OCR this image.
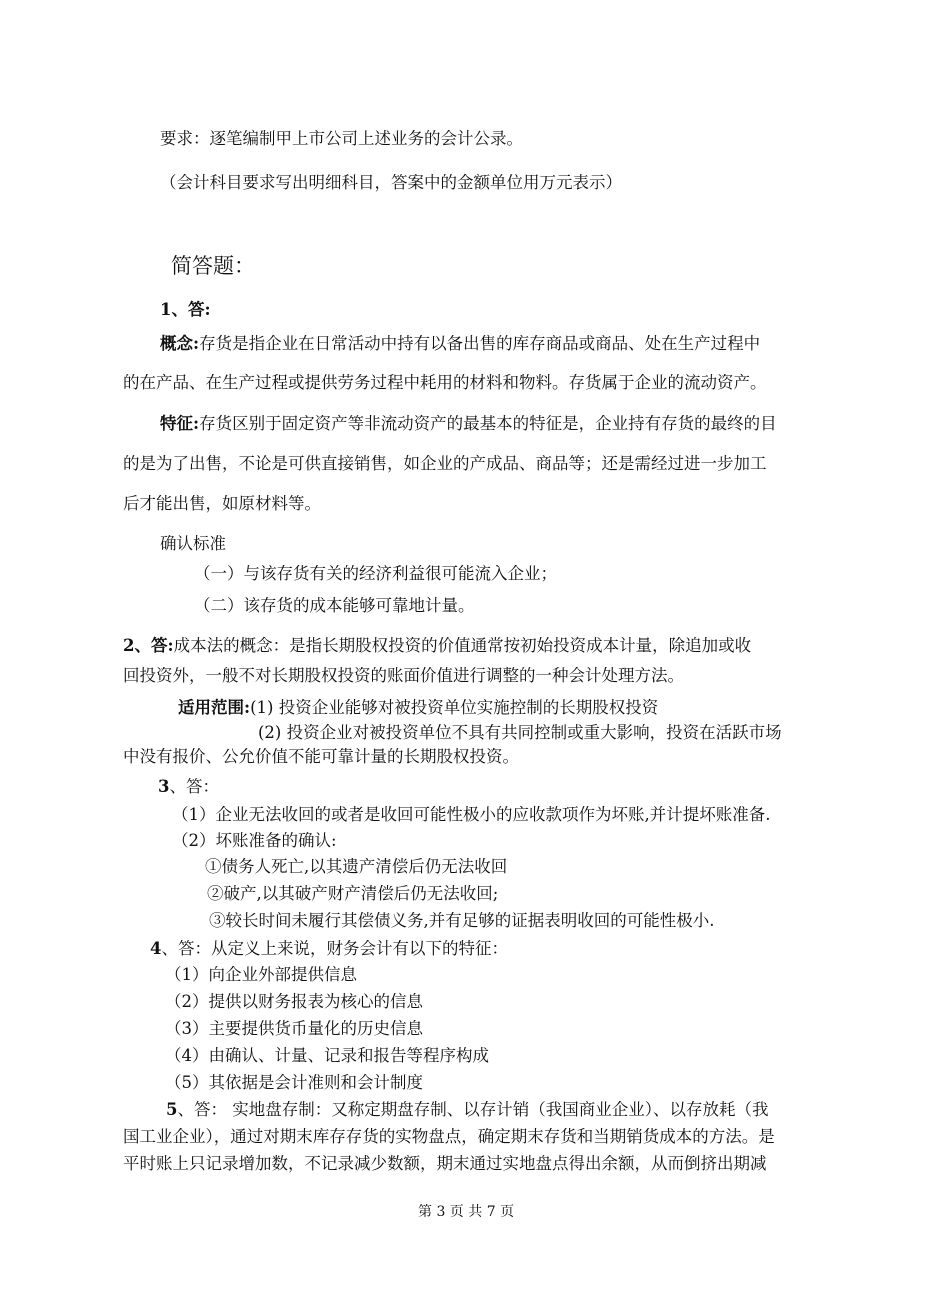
要求：逐笔编制甲上市公司上述业务的会计公录。
（会计科目要求写出明细科目，答案中的金额单位用万元表示）
简答题：
1、答:
概念:存货是指企业在日常活动中持有以备出售的库存商品或商品、处在生产过程中
的在产品、在生产过程或提供劳务过程中耗用的材料和物料。存货属于企业的流动资产。
特征:存货区别于固定资产等非流动资产的最基本的特征是，企业持有存货的最终的目
的是为了出售，不论是可供直接销售，如企业的产成品、商品等；还是需经过进一步加工
后才能出售，如原材料等。
确认标准
（一）与该存货有关的经济利益很可能流入企业；
（二）该存货的成本能够可靠地计量。
2、答:成本法的概念：是指长期股权投资的价值通常按初始投资成本计量，除追加或收
回投资外，一般不对长期股权投资的账面价值进行调整的一种会计处理方法。
适用范围:(1) 投资企业能够对被投资单位实施控制的长期股权投资
(2) 投资企业对被投资单位不具有共同控制或重大影响，投资在活跃市场
中没有报价、公允价值不能可靠计量的长期股权投资。
3、答：
（1）企业无法收回的或者是收回可能性极小的应收款项作为坏账,并计提坏账准备.
（2）坏账准备的确认:
①债务人死亡,以其遗产清偿后仍无法收回
②破产,以其破产财产清偿后仍无法收回;
③较长时间未履行其偿债义务,并有足够的证据表明收回的可能性极小.
4、答：从定义上来说，财务会计有以下的特征：
（1）向企业外部提供信息
（2）提供以财务报表为核心的信息
（3）主要提供货币量化的历史信息
（4）由确认、计量、记录和报告等程序构成
（5）其依据是会计准则和会计制度
5、答： 实地盘存制：又称定期盘存制、以存计销（我国商业企业）、以存放耗（我
国工业企业），通过对期末库存存货的实物盘点，确定期末存货和当期销货成本的方法。是
平时账上只记录增加数，不记录减少数额，期末通过实地盘点得出余额，从而倒挤出期减
第 3 页 共 7 页
